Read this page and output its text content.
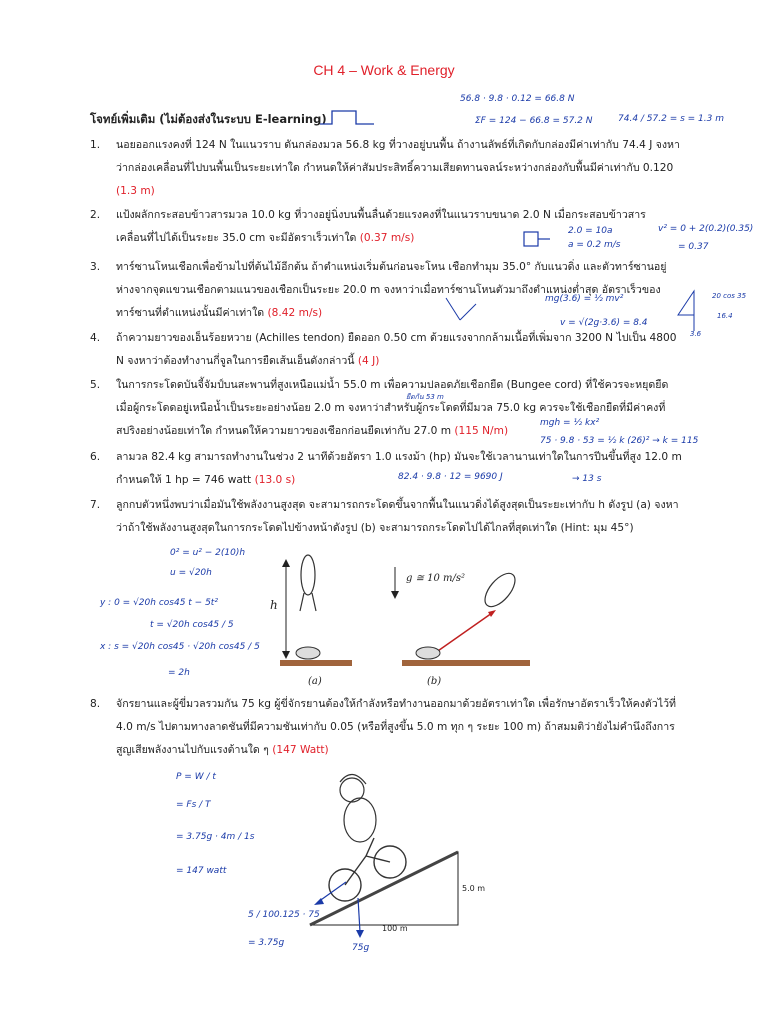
CH 4 – Work & Energy
โจทย์เพิ่มเติม (ไม่ต้องส่งในระบบ E-learning)
1. นอยออกแรงคงที่ 124 N ในแนวราบ ดันกล่องมวล 56.8 kg ที่วางอยู่บนพื้น ถ้างานลัพธ์ที่เกิดกับกล่องมีค่าเท่ากับ 74.4 J จงหาว่ากล่องเคลื่อนที่ไปบนพื้นเป็นระยะเท่าใด กำหนดให้ค่าสัมประสิทธิ์ความเสียดทานจลน์ระหว่างกล่องกับพื้นมีค่าเท่ากับ 0.120 (1.3 m)
2. แป้งผลักกระสอบข้าวสารมวล 10.0 kg ที่วางอยู่นิ่งบนพื้นลื่นด้วยแรงคงที่ในแนวราบขนาด 2.0 N เมื่อกระสอบข้าวสารเคลื่อนที่ไปได้เป็นระยะ 35.0 cm จะมีอัตราเร็วเท่าใด (0.37 m/s)
3. ทาร์ซานโหนเชือกเพื่อข้ามไปที่ต้นไม้อีกต้น ถ้าตำแหน่งเริ่มต้นก่อนจะโหน เชือกทำมุม 35.0° กับแนวดิ่ง และตัวทาร์ซานอยู่ห่างจากจุดแขวนเชือกตามแนวของเชือกเป็นระยะ 20.0 m จงหาว่าเมื่อทาร์ซานโหนตัวมาถึงตำแหน่งต่ำสุด อัตราเร็วของทาร์ซานที่ตำแหน่งนั้นมีค่าเท่าใด (8.42 m/s)
4. ถ้าความยาวของเอ็นร้อยหวาย (Achilles tendon) ยืดออก 0.50 cm ด้วยแรงจากกล้ามเนื้อที่เพิ่มจาก 3200 N ไปเป็น 4800 N จงหาว่าต้องทำงานกี่จูลในการยืดเส้นเอ็นดังกล่าวนี้ (4 J)
5. ในการกระโดดบันจี้จัมป์บนสะพานที่สูงเหนือแม่น้ำ 55.0 m เพื่อความปลอดภัยเชือกยืด (Bungee cord) ที่ใช้ควรจะหยุดยืดเมื่อผู้กระโดดอยู่เหนือน้ำเป็นระยะอย่างน้อย 2.0 m จงหาว่าสำหรับผู้กระโดดที่มีมวล 75.0 kg ควรจะใช้เชือกยืดที่มีค่าคงที่สปริงอย่างน้อยเท่าใด กำหนดให้ความยาวของเชือกก่อนยืดเท่ากับ 27.0 m (115 N/m)
6. ลามวล 82.4 kg สามารถทำงานในช่วง 2 นาทีด้วยอัตรา 1.0 แรงม้า (hp) มันจะใช้เวลานานเท่าใดในการปีนขึ้นที่สูง 12.0 m กำหนดให้ 1 hp = 746 watt (13.0 s)
7. ลูกกบตัวหนึ่งพบว่าเมื่อมันใช้พลังงานสูงสุด จะสามารถกระโดดขึ้นจากพื้นในแนวดิ่งได้สูงสุดเป็นระยะเท่ากับ h ดังรูป (a) จงหาว่าถ้าใช้พลังงานสูงสุดในการกระโดดไปข้างหน้าดังรูป (b) จะสามารถกระโดดไปได้ไกลที่สุดเท่าใด (Hint: มุม 45°)
8. จักรยานและผู้ขี่มวลรวมกัน 75 kg ผู้ขี่จักรยานต้องให้กำลังหรือทำงานออกมาด้วยอัตราเท่าใด เพื่อรักษาอัตราเร็วให้คงตัวไว้ที่ 4.0 m/s ไปตามทางลาดชันที่มีความชันเท่ากับ 0.05 (หรือที่สูงขึ้น 5.0 m ทุก ๆ ระยะ 100 m) ถ้าสมมติว่ายังไม่คำนึงถึงการสูญเสียพลังงานไปกับแรงต้านใด ๆ (147 Watt)
56.8 · 9.8 · 0.12 = 66.8 N
ΣF = 124 − 66.8 = 57.2 N	74.4 / 57.2 = s = 1.3 m
2.0 = 10a
a = 0.2 m/s
v² = 0 + 2(0.2)(0.35)
= 0.37
mg(3.6) = ½ mv²
v = √(2g·3.6) = 8.4
20 cos 35
16.4
3.6
mgh = ½ kx²
75 · 9.8 · 53 = ½ k (26)² → k = 115
ยืดกัน 53 m
82.4 · 9.8 · 12 = 9690 J	→ 13 s
0² = u² − 2(10)h
u = √20h
y : 0 = √20h cos45 t − 5t²
t = √20h cos45 / 5
x : s = √20h cos45 · √20h cos45 / 5
= 2h
h
g ≅ 10 m/s²
(a)	(b)
P = W / t
= Fs / T
= 3.75g · 4m / 1s
= 147 watt
5 / 100.125 · 75
= 3.75g	75g
5.0 m
100 m
